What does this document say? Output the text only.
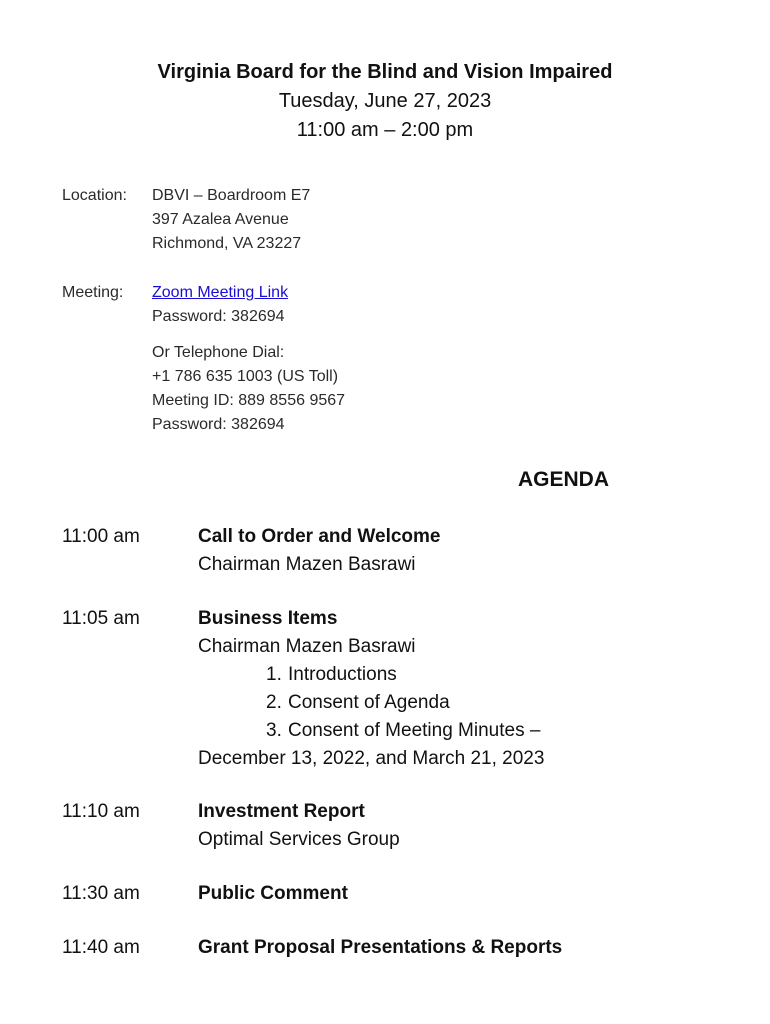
Virginia Board for the Blind and Vision Impaired
Tuesday, June 27, 2023
11:00 am – 2:00 pm
Location:	DBVI – Boardroom E7
397 Azalea Avenue
Richmond, VA 23227
Meeting:	Zoom Meeting Link
Password: 382694
Or Telephone Dial:
+1 786 635 1003 (US Toll)
Meeting ID: 889 8556 9567
Password: 382694
AGENDA
11:00 am	Call to Order and Welcome
Chairman Mazen Basrawi
11:05 am	Business Items
Chairman Mazen Basrawi
1. Introductions
2. Consent of Agenda
3. Consent of Meeting Minutes –
December 13, 2022, and March 21, 2023
11:10 am	Investment Report
Optimal Services Group
11:30 am	Public Comment
11:40 am	Grant Proposal Presentations & Reports
